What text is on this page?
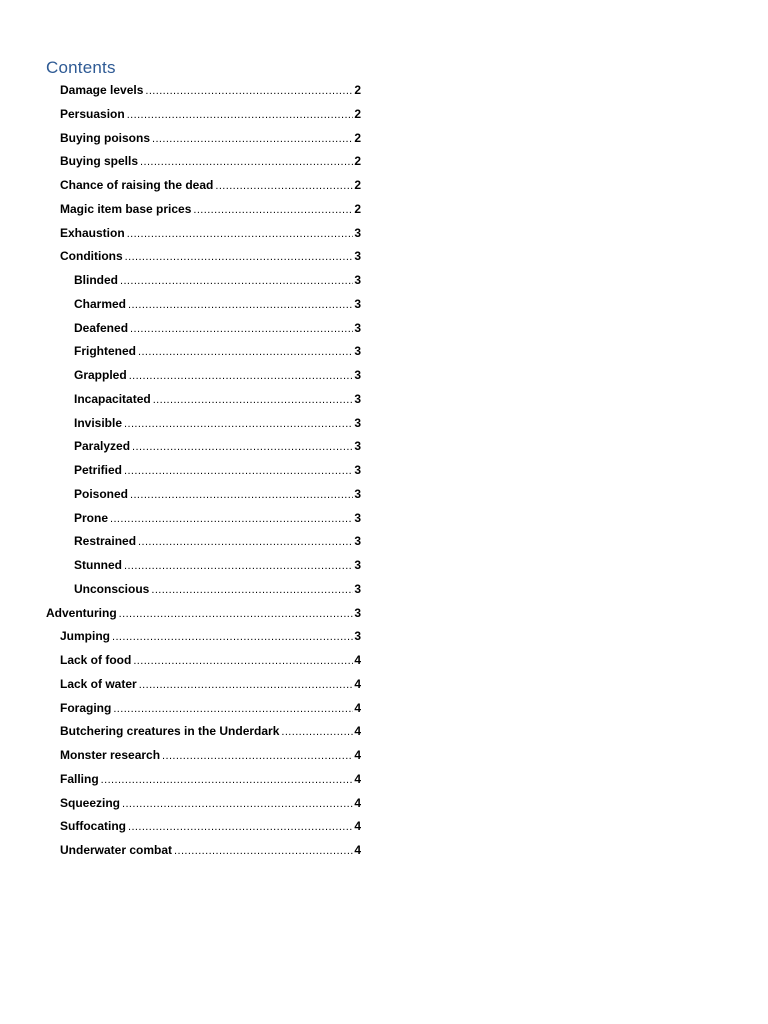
Contents
Damage levels .....	2
Persuasion .....	2
Buying poisons .....	2
Buying spells .....	2
Chance of raising the dead .....	2
Magic item base prices .....	2
Exhaustion .....	3
Conditions .....	3
Blinded .....	3
Charmed .....	3
Deafened .....	3
Frightened .....	3
Grappled .....	3
Incapacitated .....	3
Invisible .....	3
Paralyzed .....	3
Petrified .....	3
Poisoned .....	3
Prone .....	3
Restrained .....	3
Stunned .....	3
Unconscious .....	3
Adventuring .....	3
Jumping .....	3
Lack of food .....	4
Lack of water .....	4
Foraging .....	4
Butchering creatures in the Underdark .....	4
Monster research .....	4
Falling .....	4
Squeezing .....	4
Suffocating .....	4
Underwater combat .....	4
